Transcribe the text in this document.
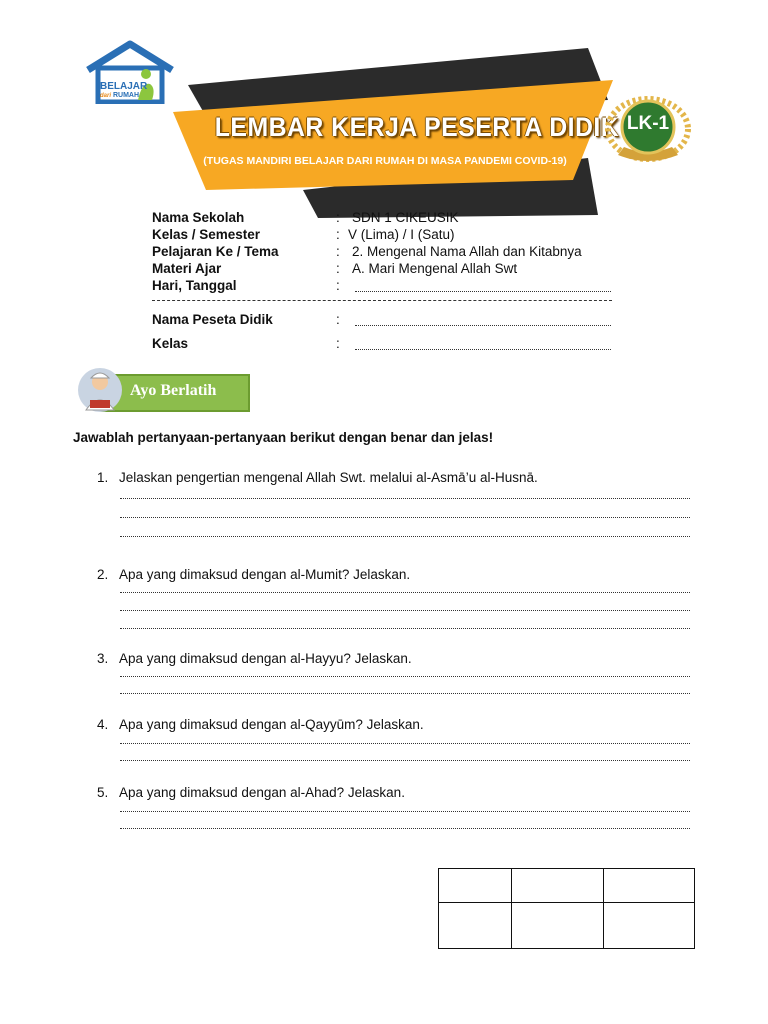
BELAJAR
dari RUMAH
LEMBAR KERJA PESERTA DIDIK
(TUGAS MANDIRI BELAJAR DARI RUMAH DI MASA PANDEMI COVID-19)
LK-1
Nama Sekolah	: SDN 1 CIKEUSIK
Kelas / Semester	: V (Lima) / I (Satu)
Pelajaran Ke / Tema	: 2. Mengenal Nama Allah dan Kitabnya
Materi Ajar	: A. Mari Mengenal Allah Swt
Hari, Tanggal	:
Nama Peseta Didik	:
Kelas	:
Ayo Berlatih
Jawablah pertanyaan-pertanyaan berikut dengan benar dan jelas!
1. Jelaskan pengertian mengenal Allah Swt. melalui al-Asmā’u al-Husnā.
2. Apa yang dimaksud dengan al-Mumit? Jelaskan.
3. Apa yang dimaksud dengan al-Hayyu? Jelaskan.
4. Apa yang dimaksud dengan al-Qayyūm? Jelaskan.
5. Apa yang dimaksud dengan al-Ahad? Jelaskan.
